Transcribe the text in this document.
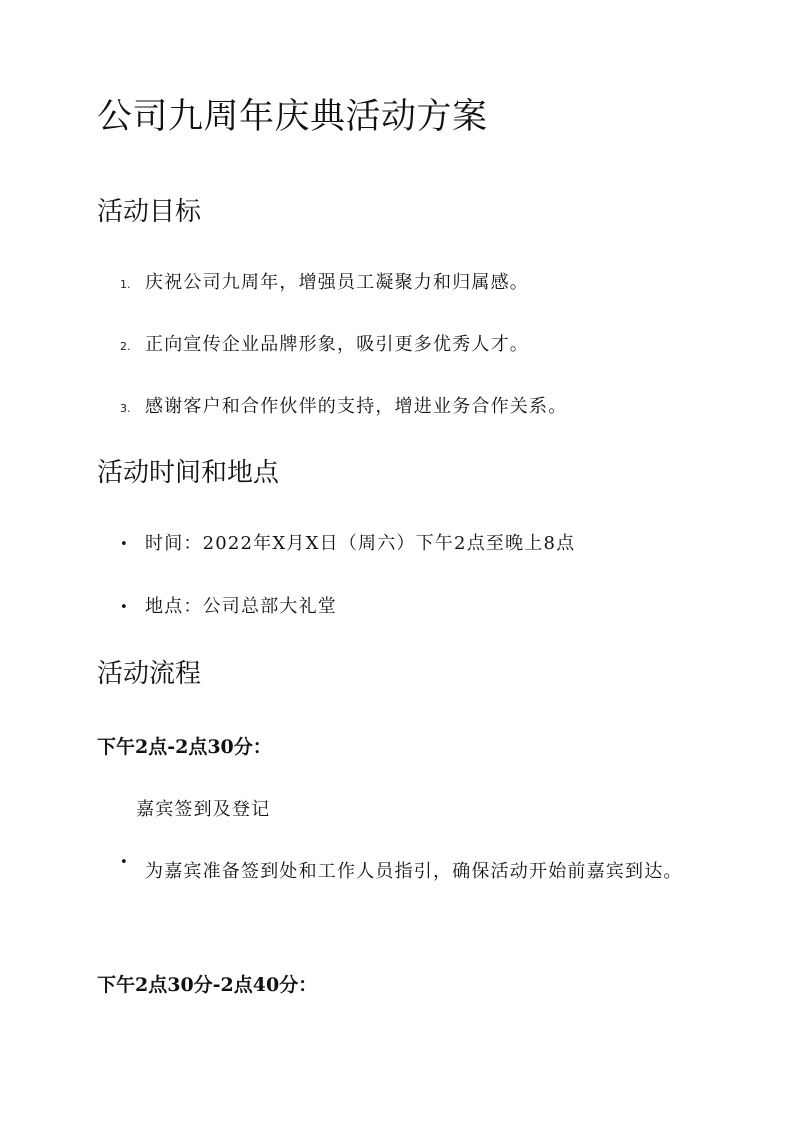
公司九周年庆典活动方案
活动目标
1. 庆祝公司九周年，增强员工凝聚力和归属感。
2. 正向宣传企业品牌形象，吸引更多优秀人才。
3. 感谢客户和合作伙伴的支持，增进业务合作关系。
活动时间和地点
• 时间：2022年X月X日（周六）下午2点至晚上8点
• 地点：公司总部大礼堂
活动流程
下午2点-2点30分：
嘉宾签到及登记
• 为嘉宾准备签到处和工作人员指引，确保活动开始前嘉宾到达。
下午2点30分-2点40分：
